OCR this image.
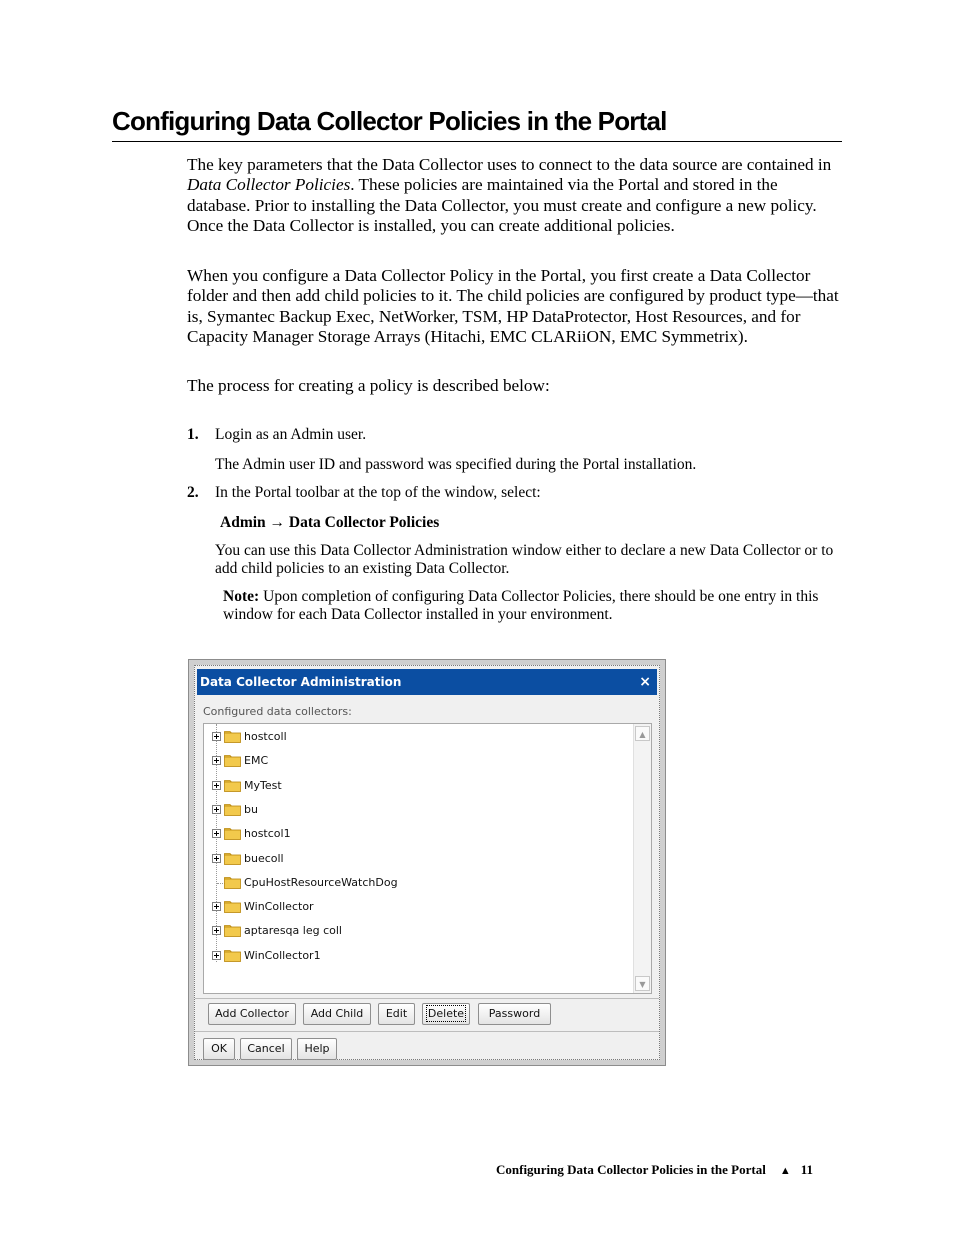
Configuring Data Collector Policies in the Portal
The key parameters that the Data Collector uses to connect to the data source are contained in Data Collector Policies. These policies are maintained via the Portal and stored in the database. Prior to installing the Data Collector, you must create and configure a new policy. Once the Data Collector is installed, you can create additional policies.
When you configure a Data Collector Policy in the Portal, you first create a Data Collector folder and then add child policies to it. The child policies are configured by product type—that is, Symantec Backup Exec, NetWorker, TSM, HP DataProtector, Host Resources, and for Capacity Manager Storage Arrays (Hitachi, EMC CLARiiON, EMC Symmetrix).
The process for creating a policy is described below:
1. Login as an Admin user.
The Admin user ID and password was specified during the Portal installation.
2. In the Portal toolbar at the top of the window, select:
Admin → Data Collector Policies
You can use this Data Collector Administration window either to declare a new Data Collector or to add child policies to an existing Data Collector.
Note: Upon completion of configuring Data Collector Policies, there should be one entry in this window for each Data Collector installed in your environment.
Data Collector Administration	×
Configured data collectors:
hostcoll
EMC
MyTest
bu
hostcol1
buecoll
CpuHostResourceWatchDog
WinCollector
aptaresqa leg coll
WinCollector1
▲
▼
Add Collector	Add Child	Edit	Delete	Password
OK	Cancel	Help
Configuring Data Collector Policies in the Portal ▲ 11
